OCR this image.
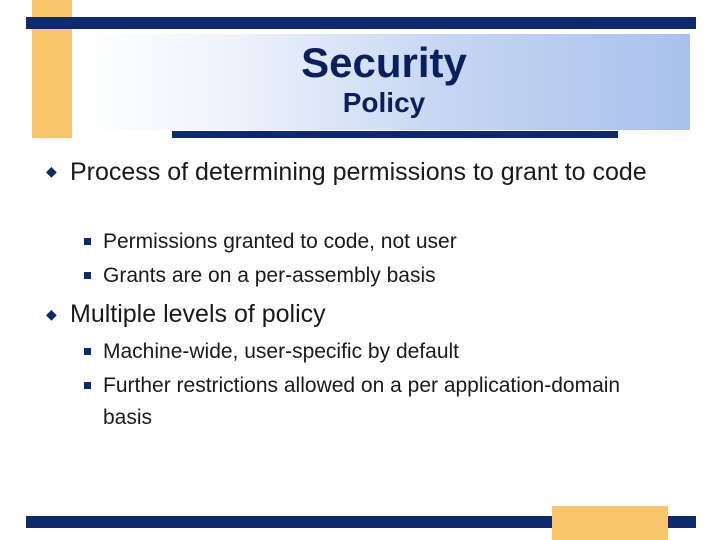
Security
Policy
◆ Process of determining permissions to grant to code
Permissions granted to code, not user
Grants are on a per-assembly basis
◆ Multiple levels of policy
Machine-wide, user-specific by default
Further restrictions allowed on a per application-domain basis
